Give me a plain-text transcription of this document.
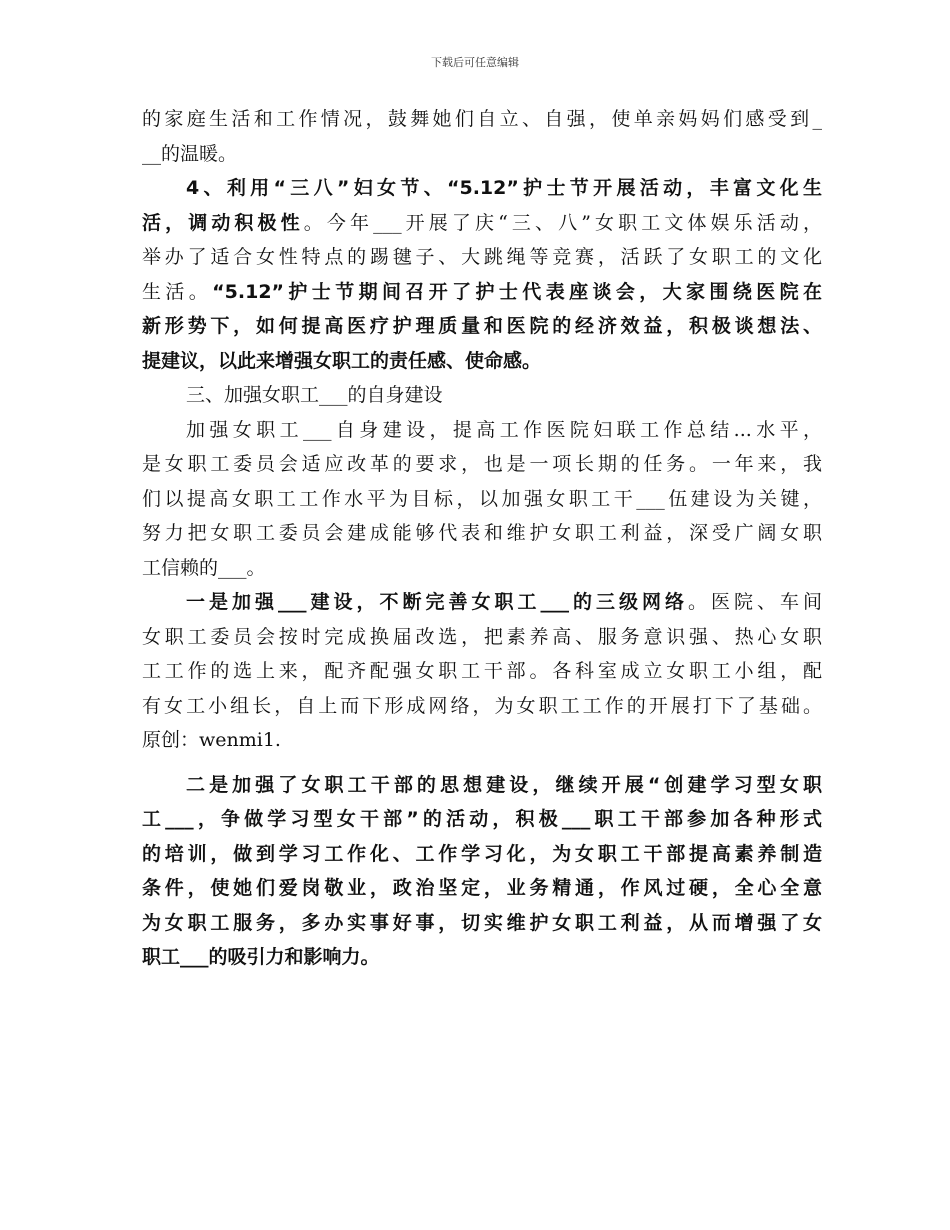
下载后可任意编辑
的家庭生活和工作情况，鼓舞她们自立、自强，使单亲妈妈们感受到_
__的温暖。
4、利用“三八”妇女节、“5.12”护士节开展活动，丰富文化生
活，调动积极性。今年___开展了庆“三、八”女职工文体娱乐活动，
举办了适合女性特点的踢毽子、大跳绳等竞赛，活跃了女职工的文化
生活。“5.12”护士节期间召开了护士代表座谈会，大家围绕医院在
新形势下，如何提高医疗护理质量和医院的经济效益，积极谈想法、
提建议，以此来增强女职工的责任感、使命感。
三、加强女职工___的自身建设
加强女职工___自身建设，提高工作医院妇联工作总结...水平，
是女职工委员会适应改革的要求，也是一项长期的任务。一年来，我
们以提高女职工工作水平为目标，以加强女职工干___伍建设为关键，
努力把女职工委员会建成能够代表和维护女职工利益，深受广阔女职
工信赖的___。
一是加强___建设，不断完善女职工___的三级网络。医院、车间
女职工委员会按时完成换届改选，把素养高、服务意识强、热心女职
工工作的选上来，配齐配强女职工干部。各科室成立女职工小组，配
有女工小组长，自上而下形成网络，为女职工工作的开展打下了基础。
原创：wenmi1.
二是加强了女职工干部的思想建设，继续开展“创建学习型女职
工___，争做学习型女干部”的活动，积极___职工干部参加各种形式
的培训，做到学习工作化、工作学习化，为女职工干部提高素养制造
条件，使她们爱岗敬业，政治坚定，业务精通，作风过硬，全心全意
为女职工服务，多办实事好事，切实维护女职工利益，从而增强了女
职工___的吸引力和影响力。
